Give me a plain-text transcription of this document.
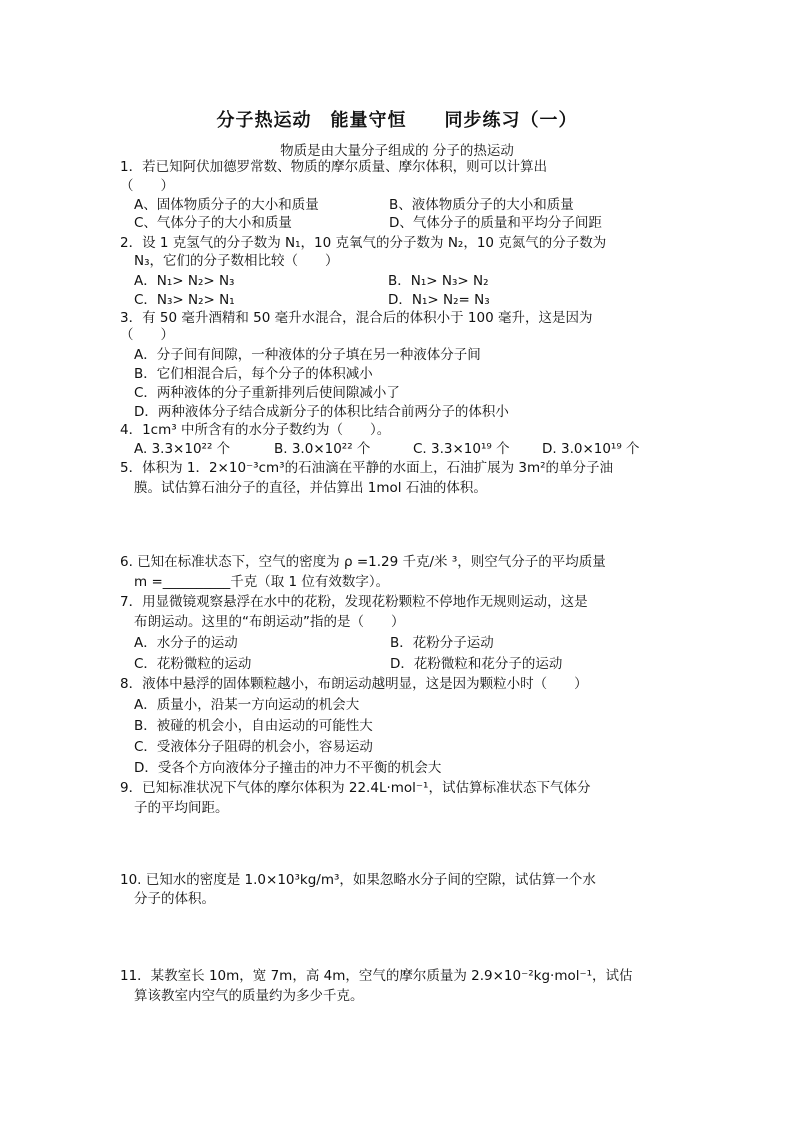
分子热运动　能量守恒　　同步练习（一）
物质是由大量分子组成的 分子的热运动
1．若已知阿伏加德罗常数、物质的摩尔质量、摩尔体积，则可以计算出
（　　）
A、固体物质分子的大小和质量	B、液体物质分子的大小和质量
C、气体分子的大小和质量	D、气体分子的质量和平均分子间距
2．设 1 克氢气的分子数为 N₁，10 克氧气的分子数为 N₂，10 克氮气的分子数为
N₃，它们的分子数相比较（　　）
A．N₁> N₂> N₃	B．N₁> N₃> N₂
C．N₃> N₂> N₁	D．N₁> N₂= N₃
3．有 50 毫升酒精和 50 毫升水混合，混合后的体积小于 100 毫升，这是因为
（　　）
A．分子间有间隙，一种液体的分子填在另一种液体分子间
B．它们相混合后，每个分子的体积减小
C．两种液体的分子重新排列后使间隙减小了
D．两种液体分子结合成新分子的体积比结合前两分子的体积小
4．1cm³ 中所含有的水分子数约为（　　）。
A. 3.3×10²² 个	B. 3.0×10²² 个	C. 3.3×10¹⁹ 个 D. 3.0×10¹⁹ 个
5．体积为 1．2×10⁻³cm³的石油滴在平静的水面上，石油扩展为 3m²的单分子油
膜。试估算石油分子的直径，并估算出 1mol 石油的体积。
6. 已知在标准状态下，空气的密度为 ρ =1.29 千克/米 ³，则空气分子的平均质量
m =__________千克（取 1 位有效数字）。
7．用显微镜观察悬浮在水中的花粉，发现花粉颗粒不停地作无规则运动，这是
布朗运动。这里的“布朗运动”指的是（　　）
A．水分子的运动	B．花粉分子运动
C．花粉微粒的运动	D．花粉微粒和花分子的运动
8．液体中悬浮的固体颗粒越小，布朗运动越明显，这是因为颗粒小时（　　）
A．质量小，沿某一方向运动的机会大
B．被碰的机会小，自由运动的可能性大
C．受液体分子阻碍的机会小，容易运动
D．受各个方向液体分子撞击的冲力不平衡的机会大
9．已知标准状况下气体的摩尔体积为 22.4L·mol⁻¹，试估算标准状态下气体分
子的平均间距。
10. 已知水的密度是 1.0×10³kg/m³，如果忽略水分子间的空隙，试估算一个水
分子的体积。
11．某教室长 10m，宽 7m，高 4m，空气的摩尔质量为 2.9×10⁻²kg·mol⁻¹，试估
算该教室内空气的质量约为多少千克。
